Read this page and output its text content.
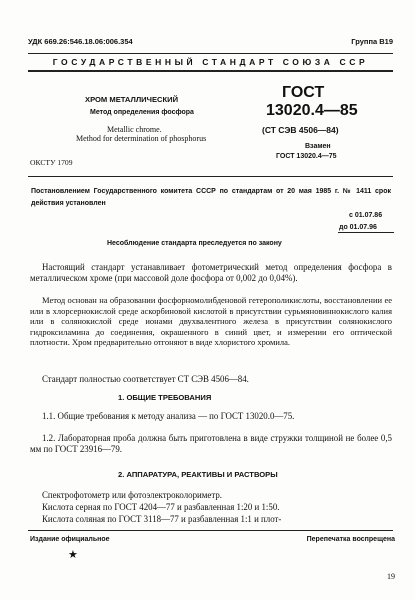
УДК 669.26:546.18.06:006.354	Группа В19
ГОСУДАРСТВЕННЫЙ СТАНДАРТ СОЮЗА ССР
ХРОМ МЕТАЛЛИЧЕСКИЙ
Метод определения фосфора
Metallic chrome.
Method for determination of phosphorus
ГОСТ
13020.4—85
(СТ СЭВ 4506—84)
Взамен
ГОСТ 13020.4—75
ОКСТУ 1709
Постановлением Государственного комитета СССР по стандартам от 20 мая 1985 г. № 1411 срок действия установлен
с 01.07.86
до 01.07.96
Несоблюдение стандарта преследуется по закону
Настоящий стандарт устанавливает фотометрический метод определения фосфора в металлическом хроме (при массовой доле фосфора от 0,002 до 0,04%).
Метод основан на образовании фосфорномолибденовой гетерополикислоты, восстановлении ее или в хлорсернокислой среде аскорбиновой кислотой в присутствии сурьмяновиннокислого калия или в солянокислой среде ионами двухвалентного железа в присутствии солянокислого гидроксиламина до соединения, окрашенного в синий цвет, и измерении его оптической плотности. Хром предварительно отгоняют в виде хлористого хромила.
Стандарт полностью соответствует СТ СЭВ 4506—84.
1. ОБЩИЕ ТРЕБОВАНИЯ
1.1. Общие требования к методу анализа — по ГОСТ 13020.0—75.
1.2. Лабораторная проба должна быть приготовлена в виде стружки толщиной не более 0,5 мм по ГОСТ 23916—79.
2. АППАРАТУРА, РЕАКТИВЫ И РАСТВОРЫ
Спектрофотометр или фотоэлектроколориметр.
Кислота серная по ГОСТ 4204—77 и разбавленная 1:20 и 1:50.
Кислота соляная по ГОСТ 3118—77 и разбавленная 1:1 и плот-
Издание официальное	Перепечатка воспрещена
★
19
